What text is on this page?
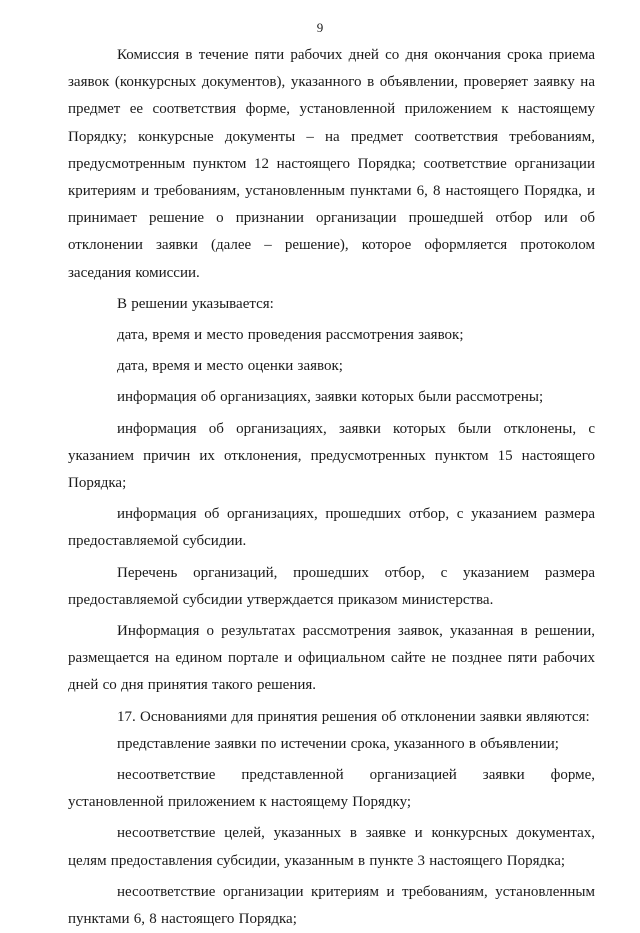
9

Комиссия в течение пяти рабочих дней со дня окончания срока приема заявок (конкурсных документов), указанного в объявлении, проверяет заявку на предмет ее соответствия форме, установленной приложением к настоящему Порядку; конкурсные документы – на предмет соответствия требованиям, предусмотренным пунктом 12 настоящего Порядка; соответствие организации критериям и требованиям, установленным пунктами 6, 8 настоящего Порядка, и принимает решение о признании организации прошедшей отбор или об отклонении заявки (далее – решение), которое оформляется протоколом заседания комиссии.

В решении указывается:

дата, время и место проведения рассмотрения заявок;

дата, время и место оценки заявок;

информация об организациях, заявки которых были рассмотрены;

информация об организациях, заявки которых были отклонены, с указанием причин их отклонения, предусмотренных пунктом 15 настоящего Порядка;

информация об организациях, прошедших отбор, с указанием размера предоставляемой субсидии.

Перечень организаций, прошедших отбор, с указанием размера предоставляемой субсидии утверждается приказом министерства.

Информация о результатах рассмотрения заявок, указанная в решении, размещается на едином портале и официальном сайте не позднее пяти рабочих дней со дня принятия такого решения.

17. Основаниями для принятия решения об отклонении заявки являются:

представление заявки по истечении срока, указанного в объявлении;

несоответствие представленной организацией заявки форме, установленной приложением к настоящему Порядку;

несоответствие целей, указанных в заявке и конкурсных документах, целям предоставления субсидии, указанным в пункте 3 настоящего Порядка;

несоответствие организации критериям и требованиям, установленным пунктами 6, 8 настоящего Порядка;
